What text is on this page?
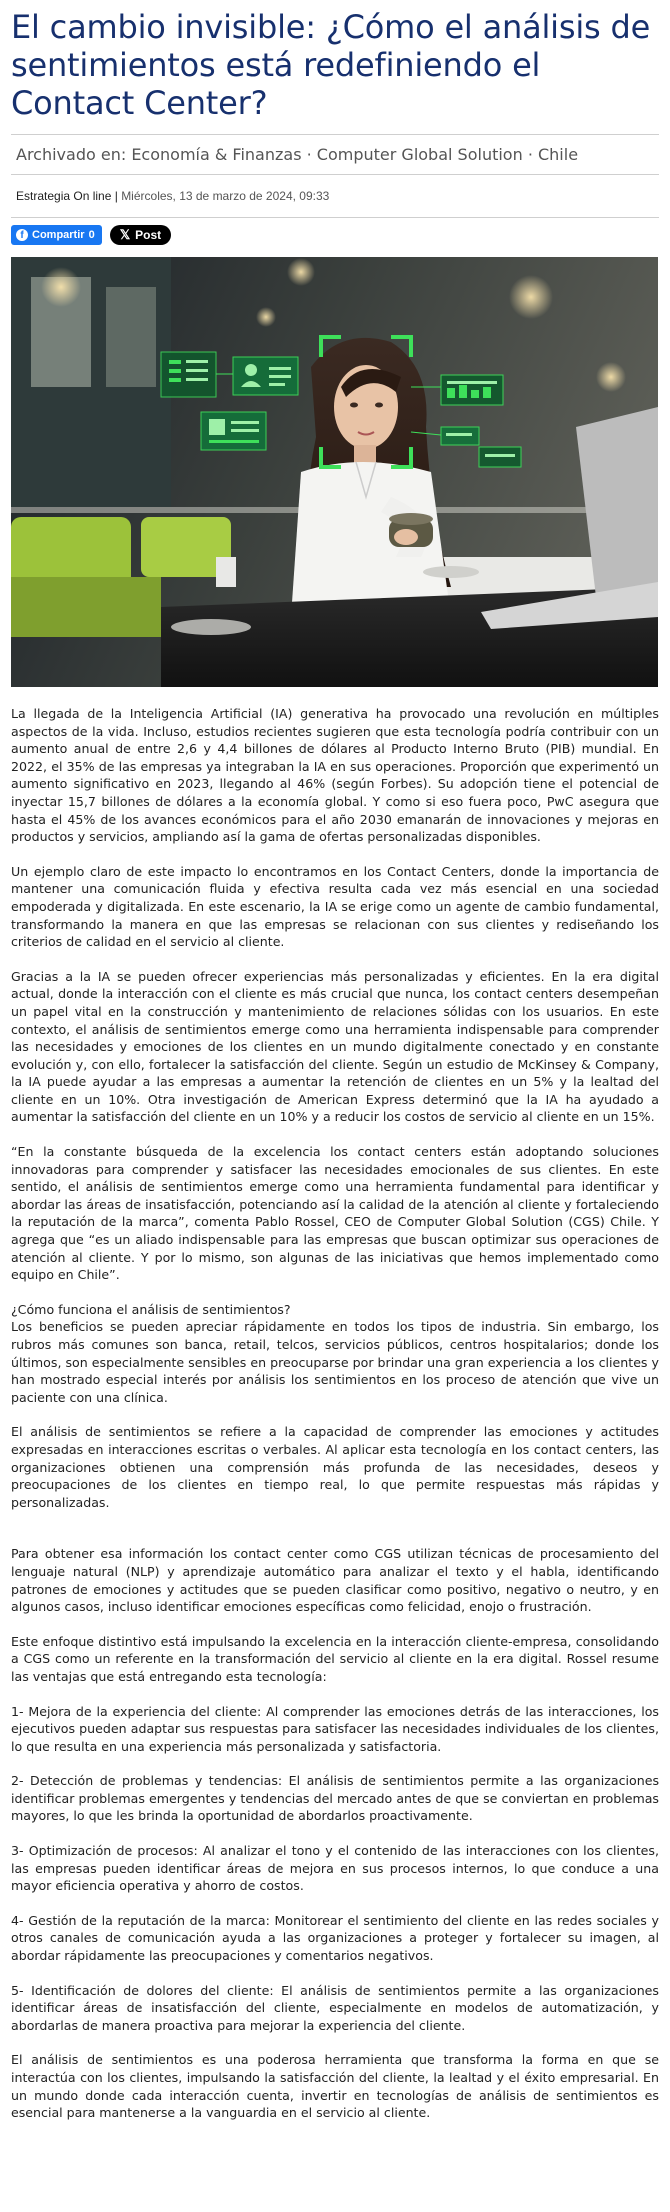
El cambio invisible: ¿Cómo el análisis de sentimientos está redefiniendo el Contact Center?
Archivado en: Economía & Finanzas · Computer Global Solution · Chile
Estrategia On line | Miércoles, 13 de marzo de 2024, 09:33
f Compartir 0 𝕏 Post

La llegada de la Inteligencia Artificial (IA) generativa ha provocado una revolución en múltiples aspectos de la vida. Incluso, estudios recientes sugieren que esta tecnología podría contribuir con un aumento anual de entre 2,6 y 4,4 billones de dólares al Producto Interno Bruto (PIB) mundial. En 2022, el 35% de las empresas ya integraban la IA en sus operaciones. Proporción que experimentó un aumento significativo en 2023, llegando al 46% (según Forbes). Su adopción tiene el potencial de inyectar 15,7 billones de dólares a la economía global. Y como si eso fuera poco, PwC asegura que hasta el 45% de los avances económicos para el año 2030 emanarán de innovaciones y mejoras en productos y servicios, ampliando así la gama de ofertas personalizadas disponibles.

Un ejemplo claro de este impacto lo encontramos en los Contact Centers, donde la importancia de mantener una comunicación fluida y efectiva resulta cada vez más esencial en una sociedad empoderada y digitalizada. En este escenario, la IA se erige como un agente de cambio fundamental, transformando la manera en que las empresas se relacionan con sus clientes y rediseñando los criterios de calidad en el servicio al cliente.

Gracias a la IA se pueden ofrecer experiencias más personalizadas y eficientes. En la era digital actual, donde la interacción con el cliente es más crucial que nunca, los contact centers desempeñan un papel vital en la construcción y mantenimiento de relaciones sólidas con los usuarios. En este contexto, el análisis de sentimientos emerge como una herramienta indispensable para comprender las necesidades y emociones de los clientes en un mundo digitalmente conectado y en constante evolución y, con ello, fortalecer la satisfacción del cliente. Según un estudio de McKinsey & Company, la IA puede ayudar a las empresas a aumentar la retención de clientes en un 5% y la lealtad del cliente en un 10%. Otra investigación de American Express determinó que la IA ha ayudado a aumentar la satisfacción del cliente en un 10% y a reducir los costos de servicio al cliente en un 15%.

“En la constante búsqueda de la excelencia los contact centers están adoptando soluciones innovadoras para comprender y satisfacer las necesidades emocionales de sus clientes. En este sentido, el análisis de sentimientos emerge como una herramienta fundamental para identificar y abordar las áreas de insatisfacción, potenciando así la calidad de la atención al cliente y fortaleciendo la reputación de la marca”, comenta Pablo Rossel, CEO de Computer Global Solution (CGS) Chile. Y agrega que “es un aliado indispensable para las empresas que buscan optimizar sus operaciones de atención al cliente. Y por lo mismo, son algunas de las iniciativas que hemos implementado como equipo en Chile”.

¿Cómo funciona el análisis de sentimientos?

Los beneficios se pueden apreciar rápidamente en todos los tipos de industria. Sin embargo, los rubros más comunes son banca, retail, telcos, servicios públicos, centros hospitalarios; donde los últimos, son especialmente sensibles en preocuparse por brindar una gran experiencia a los clientes y han mostrado especial interés por análisis los sentimientos en los proceso de atención que vive un paciente con una clínica.

El análisis de sentimientos se refiere a la capacidad de comprender las emociones y actitudes expresadas en interacciones escritas o verbales. Al aplicar esta tecnología en los contact centers, las organizaciones obtienen una comprensión más profunda de las necesidades, deseos y preocupaciones de los clientes en tiempo real, lo que permite respuestas más rápidas y personalizadas.

Para obtener esa información los contact center como CGS utilizan técnicas de procesamiento del lenguaje natural (NLP) y aprendizaje automático para analizar el texto y el habla, identificando patrones de emociones y actitudes que se pueden clasificar como positivo, negativo o neutro, y en algunos casos, incluso identificar emociones específicas como felicidad, enojo o frustración.

Este enfoque distintivo está impulsando la excelencia en la interacción cliente-empresa, consolidando a CGS como un referente en la transformación del servicio al cliente en la era digital. Rossel resume las ventajas que está entregando esta tecnología:

1- Mejora de la experiencia del cliente: Al comprender las emociones detrás de las interacciones, los ejecutivos pueden adaptar sus respuestas para satisfacer las necesidades individuales de los clientes, lo que resulta en una experiencia más personalizada y satisfactoria.

2- Detección de problemas y tendencias: El análisis de sentimientos permite a las organizaciones identificar problemas emergentes y tendencias del mercado antes de que se conviertan en problemas mayores, lo que les brinda la oportunidad de abordarlos proactivamente.

3- Optimización de procesos: Al analizar el tono y el contenido de las interacciones con los clientes, las empresas pueden identificar áreas de mejora en sus procesos internos, lo que conduce a una mayor eficiencia operativa y ahorro de costos.

4- Gestión de la reputación de la marca: Monitorear el sentimiento del cliente en las redes sociales y otros canales de comunicación ayuda a las organizaciones a proteger y fortalecer su imagen, al abordar rápidamente las preocupaciones y comentarios negativos.

5- Identificación de dolores del cliente: El análisis de sentimientos permite a las organizaciones identificar áreas de insatisfacción del cliente, especialmente en modelos de automatización, y abordarlas de manera proactiva para mejorar la experiencia del cliente.

El análisis de sentimientos es una poderosa herramienta que transforma la forma en que se interactúa con los clientes, impulsando la satisfacción del cliente, la lealtad y el éxito empresarial. En un mundo donde cada interacción cuenta, invertir en tecnologías de análisis de sentimientos es esencial para mantenerse a la vanguardia en el servicio al cliente.
